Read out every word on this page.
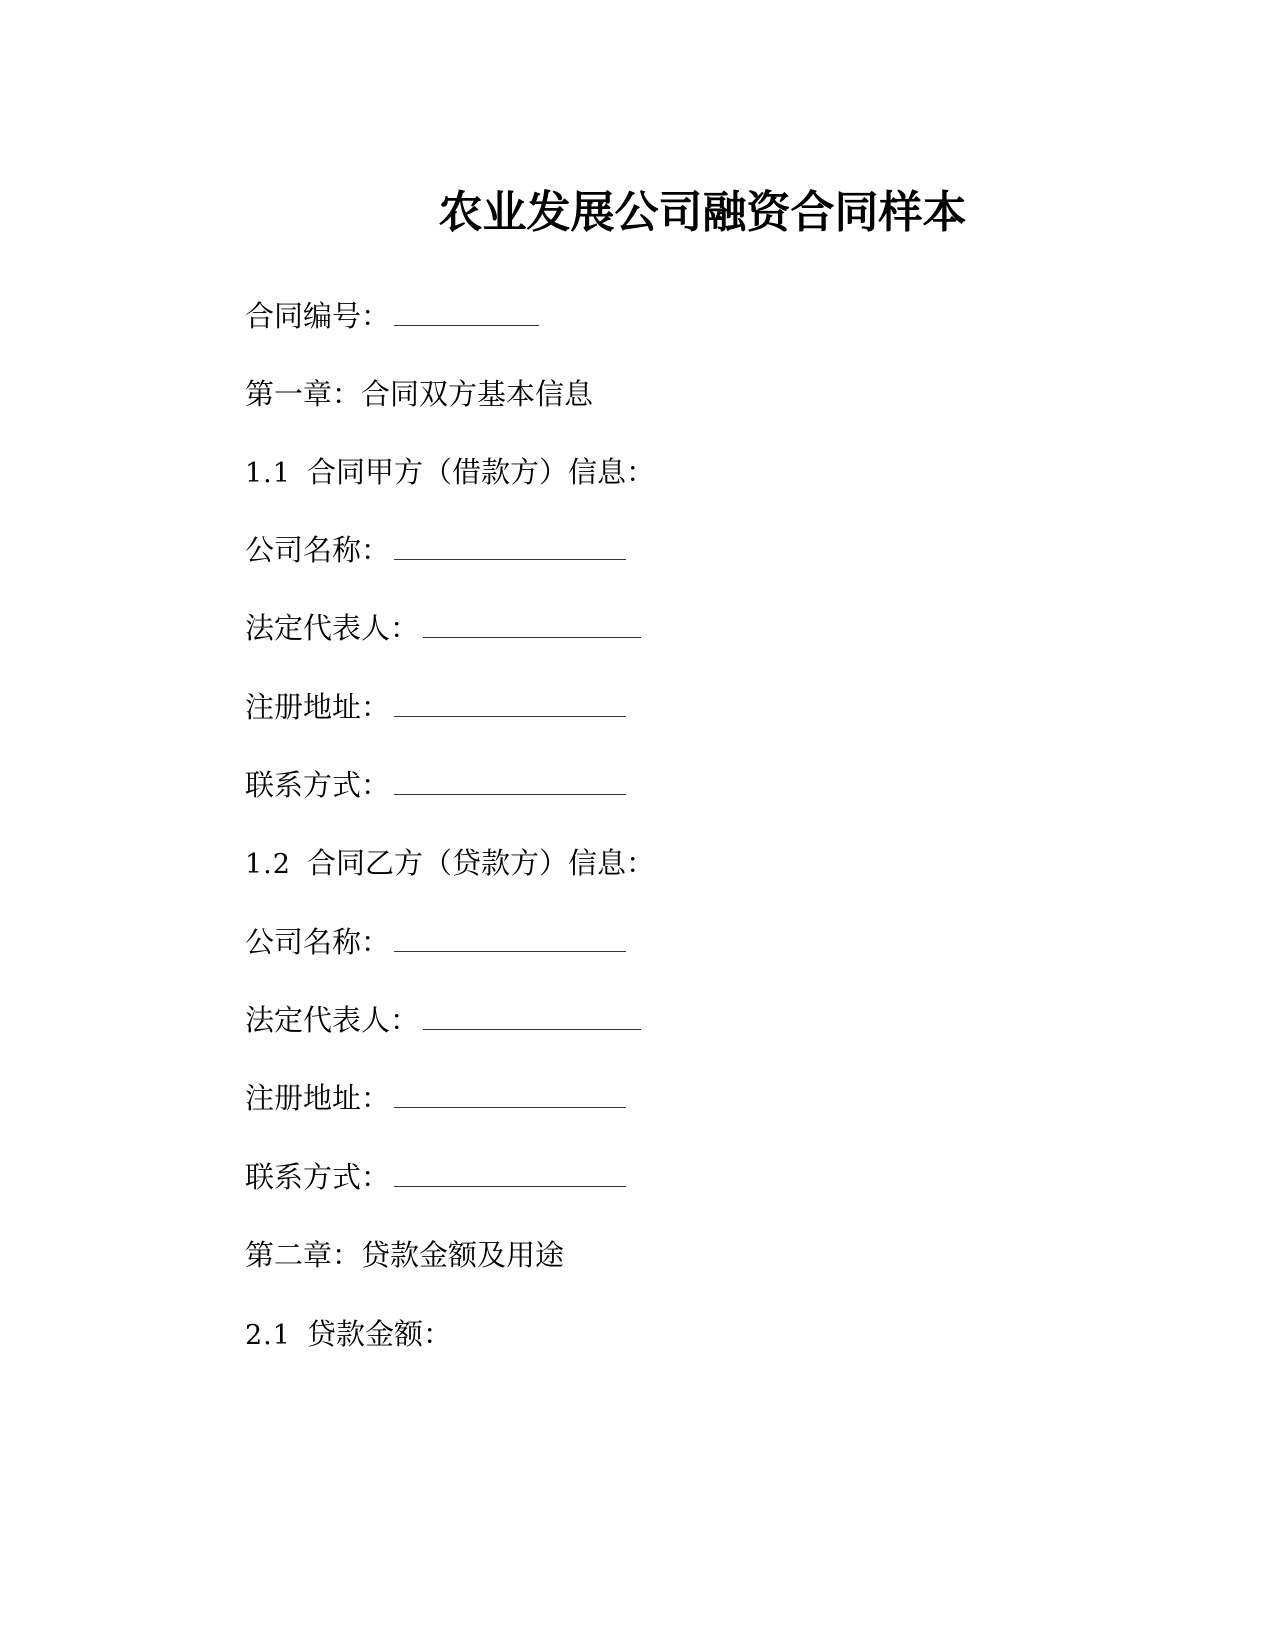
农业发展公司融资合同样本
合同编号：
第一章：合同双方基本信息
1.1 合同甲方（借款方）信息：
公司名称：
法定代表人：
注册地址：
联系方式：
1.2 合同乙方（贷款方）信息：
公司名称：
法定代表人：
注册地址：
联系方式：
第二章：贷款金额及用途
2.1 贷款金额：
